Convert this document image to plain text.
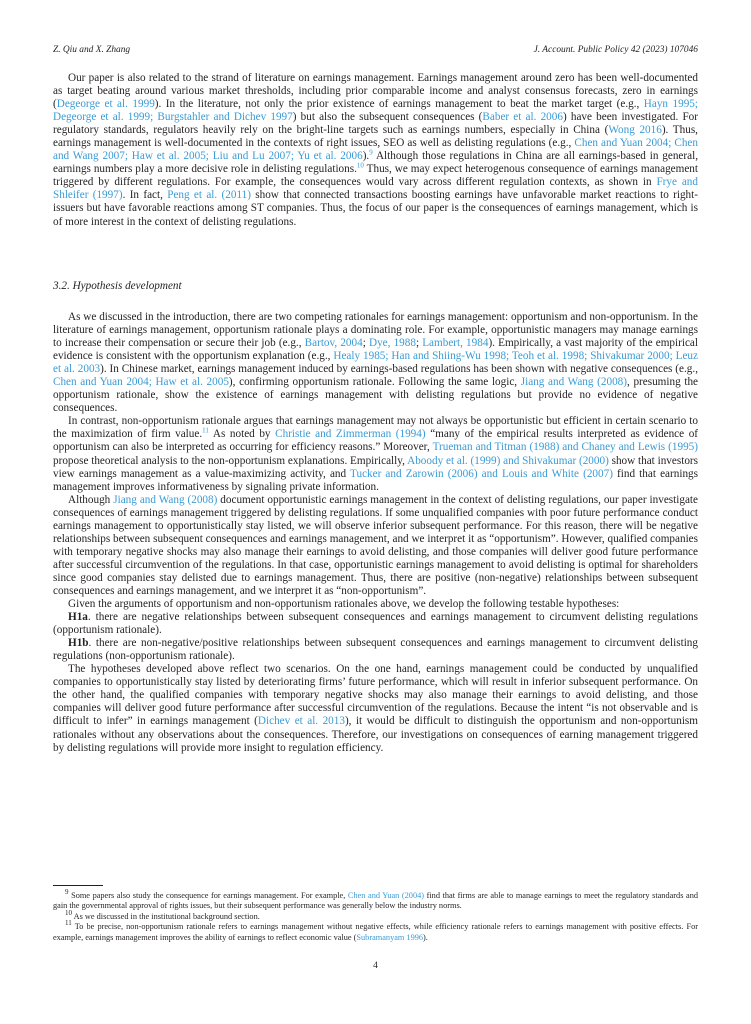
Z. Qiu and X. Zhang	J. Account. Public Policy 42 (2023) 107046

Our paper is also related to the strand of literature on earnings management. Earnings management around zero has been well-documented as target beating around various market thresholds, including prior comparable income and analyst consensus forecasts, zero in earnings (Degeorge et al. 1999). In the literature, not only the prior existence of earnings management to beat the market target (e.g., Hayn 1995; Degeorge et al. 1999; Burgstahler and Dichev 1997) but also the subsequent consequences (Baber et al. 2006) have been investigated. For regulatory standards, regulators heavily rely on the bright-line targets such as earnings numbers, especially in China (Wong 2016). Thus, earnings management is well-documented in the contexts of right issues, SEO as well as delisting regulations (e.g., Chen and Yuan 2004; Chen and Wang 2007; Haw et al. 2005; Liu and Lu 2007; Yu et al. 2006).$^9$ Although those regulations in China are all earnings-based in general, earnings numbers play a more decisive role in delisting regulations.$^{10}$ Thus, we may expect heterogenous consequence of earnings management triggered by different regulations. For example, the consequences would vary across different regulation contexts, as shown in Frye and Shleifer (1997). In fact, Peng et al. (2011) show that connected transactions boosting earnings have unfavorable market reactions to right-issuers but have favorable reactions among ST companies. Thus, the focus of our paper is the consequences of earnings management, which is of more interest in the context of delisting regulations.

3.2. Hypothesis development

As we discussed in the introduction, there are two competing rationales for earnings management: opportunism and non-opportunism. In the literature of earnings management, opportunism rationale plays a dominating role. For example, opportunistic managers may manage earnings to increase their compensation or secure their job (e.g., Bartov, 2004; Dye, 1988; Lambert, 1984). Empirically, a vast majority of the empirical evidence is consistent with the opportunism explanation (e.g., Healy 1985; Han and Shiing-Wu 1998; Teoh et al. 1998; Shivakumar 2000; Leuz et al. 2003). In Chinese market, earnings management induced by earnings-based regulations has been shown with negative consequences (e.g., Chen and Yuan 2004; Haw et al. 2005), confirming opportunism rationale. Following the same logic, Jiang and Wang (2008), presuming the opportunism rationale, show the existence of earnings management with delisting regulations but provide no evidence of negative consequences.

In contrast, non-opportunism rationale argues that earnings management may not always be opportunistic but efficient in certain scenario to the maximization of firm value.$^{11}$ As noted by Christie and Zimmerman (1994) “many of the empirical results interpreted as evidence of opportunism can also be interpreted as occurring for efficiency reasons.” Moreover, Trueman and Titman (1988) and Chaney and Lewis (1995) propose theoretical analysis to the non-opportunism explanations. Empirically, Aboody et al. (1999) and Shivakumar (2000) show that investors view earnings management as a value-maximizing activity, and Tucker and Zarowin (2006) and Louis and White (2007) find that earnings management improves informativeness by signaling private information.

Although Jiang and Wang (2008) document opportunistic earnings management in the context of delisting regulations, our paper investigate consequences of earnings management triggered by delisting regulations. If some unqualified companies with poor future performance conduct earnings management to opportunistically stay listed, we will observe inferior subsequent performance. For this reason, there will be negative relationships between subsequent consequences and earnings management, and we interpret it as “opportunism”. However, qualified companies with temporary negative shocks may also manage their earnings to avoid delisting, and those companies will deliver good future performance after successful circumvention of the regulations. In that case, opportunistic earnings management to avoid delisting is optimal for shareholders since good companies stay delisted due to earnings management. Thus, there are positive (non-negative) relationships between subsequent consequences and earnings management, and we interpret it as “non-opportunism”.

Given the arguments of opportunism and non-opportunism rationales above, we develop the following testable hypotheses:

H1a. there are negative relationships between subsequent consequences and earnings management to circumvent delisting regulations (opportunism rationale).

H1b. there are non-negative/positive relationships between subsequent consequences and earnings management to circumvent delisting regulations (non-opportunism rationale).

The hypotheses developed above reflect two scenarios. On the one hand, earnings management could be conducted by unqualified companies to opportunistically stay listed by deteriorating firms’ future performance, which will result in inferior subsequent performance. On the other hand, the qualified companies with temporary negative shocks may also manage their earnings to avoid delisting, and those companies will deliver good future performance after successful circumvention of the regulations. Because the intent “is not observable and is difficult to infer” in earnings management (Dichev et al. 2013), it would be difficult to distinguish the opportunism and non-opportunism rationales without any observations about the consequences. Therefore, our investigations on consequences of earning management triggered by delisting regulations will provide more insight to regulation efficiency.

$^9$ Some papers also study the consequence for earnings management. For example, Chen and Yuan (2004) find that firms are able to manage earnings to meet the regulatory standards and gain the governmental approval of rights issues, but their subsequent performance was generally below the industry norms.

$^{10}$ As we discussed in the institutional background section.

$^{11}$ To be precise, non-opportunism rationale refers to earnings management without negative effects, while efficiency rationale refers to earnings management with positive effects. For example, earnings management improves the ability of earnings to reflect economic value (Subramanyam 1996).

4
